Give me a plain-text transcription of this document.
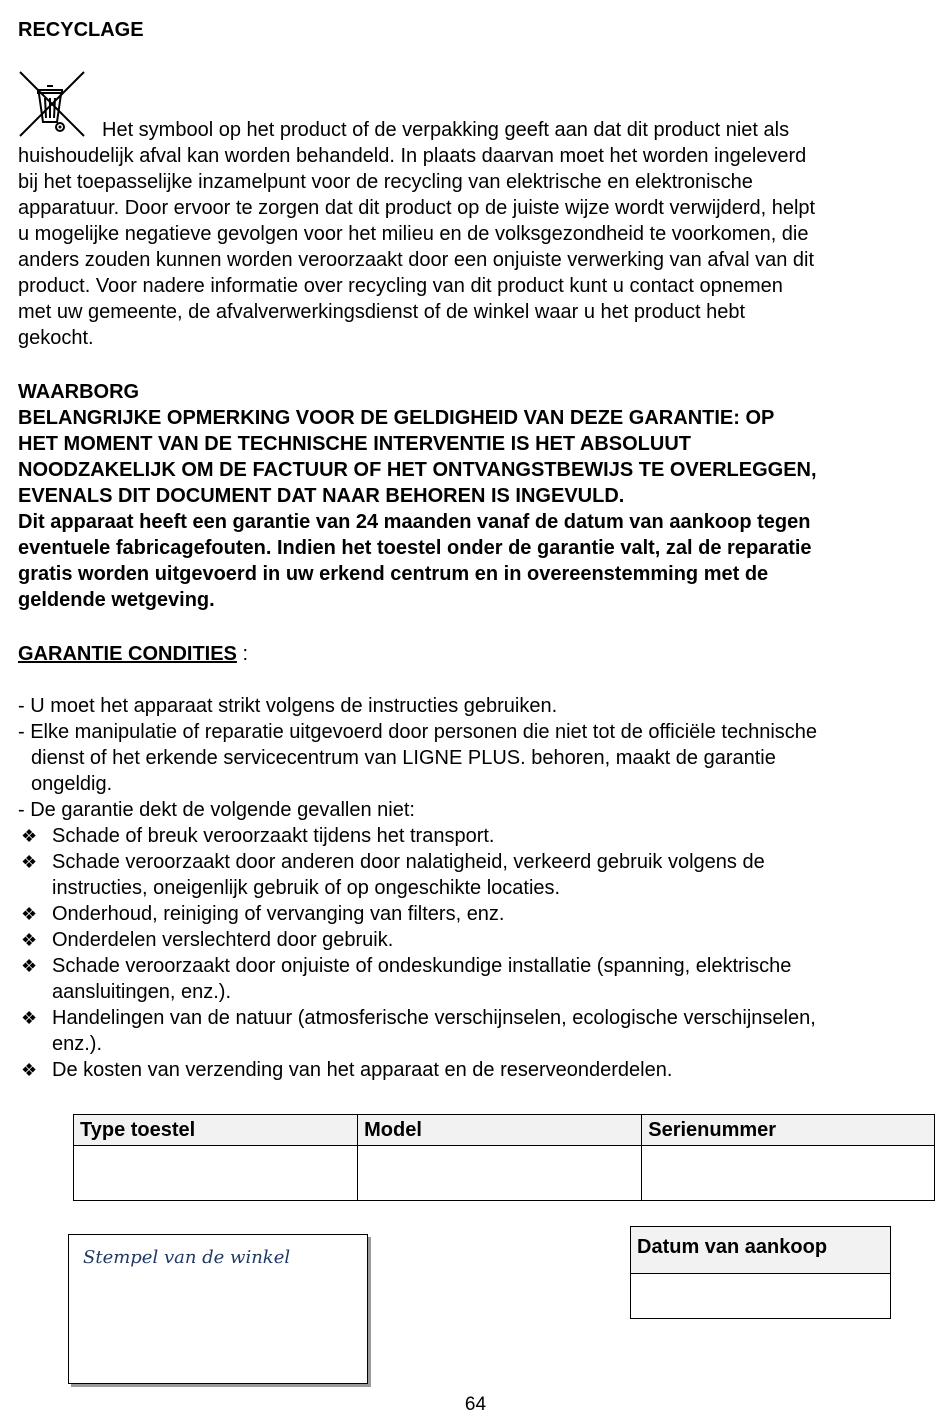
RECYCLAGE
Het symbool op het product of de verpakking geeft aan dat dit product niet als
huishoudelijk afval kan worden behandeld. In plaats daarvan moet het worden ingeleverd
bij het toepasselijke inzamelpunt voor de recycling van elektrische en elektronische
apparatuur. Door ervoor te zorgen dat dit product op de juiste wijze wordt verwijderd, helpt
u mogelijke negatieve gevolgen voor het milieu en de volksgezondheid te voorkomen, die
anders zouden kunnen worden veroorzaakt door een onjuiste verwerking van afval van dit
product. Voor nadere informatie over recycling van dit product kunt u contact opnemen
met uw gemeente, de afvalverwerkingsdienst of de winkel waar u het product hebt
gekocht.
WAARBORG
BELANGRIJKE OPMERKING VOOR DE GELDIGHEID VAN DEZE GARANTIE: OP
HET MOMENT VAN DE TECHNISCHE INTERVENTIE IS HET ABSOLUUT
NOODZAKELIJK OM DE FACTUUR OF HET ONTVANGSTBEWIJS TE OVERLEGGEN,
EVENALS DIT DOCUMENT DAT NAAR BEHOREN IS INGEVULD.
Dit apparaat heeft een garantie van 24 maanden vanaf de datum van aankoop tegen
eventuele fabricagefouten. Indien het toestel onder de garantie valt, zal de reparatie
gratis worden uitgevoerd in uw erkend centrum en in overeenstemming met de
geldende wetgeving.
GARANTIE CONDITIES :
- U moet het apparaat strikt volgens de instructies gebruiken.
- Elke manipulatie of reparatie uitgevoerd door personen die niet tot de officiële technische
dienst of het erkende servicecentrum van LIGNE PLUS. behoren, maakt de garantie
ongeldig.
- De garantie dekt de volgende gevallen niet:
❖ Schade of breuk veroorzaakt tijdens het transport.
❖ Schade veroorzaakt door anderen door nalatigheid, verkeerd gebruik volgens de
instructies, oneigenlijk gebruik of op ongeschikte locaties.
❖ Onderhoud, reiniging of vervanging van filters, enz.
❖ Onderdelen verslechterd door gebruik.
❖ Schade veroorzaakt door onjuiste of ondeskundige installatie (spanning, elektrische
aansluitingen, enz.).
❖ Handelingen van de natuur (atmosferische verschijnselen, ecologische verschijnselen,
enz.).
❖ De kosten van verzending van het apparaat en de reserveonderdelen.
Type toestel	Model	Serienummer

Stempel van de winkel	Datum van aankoop

64
